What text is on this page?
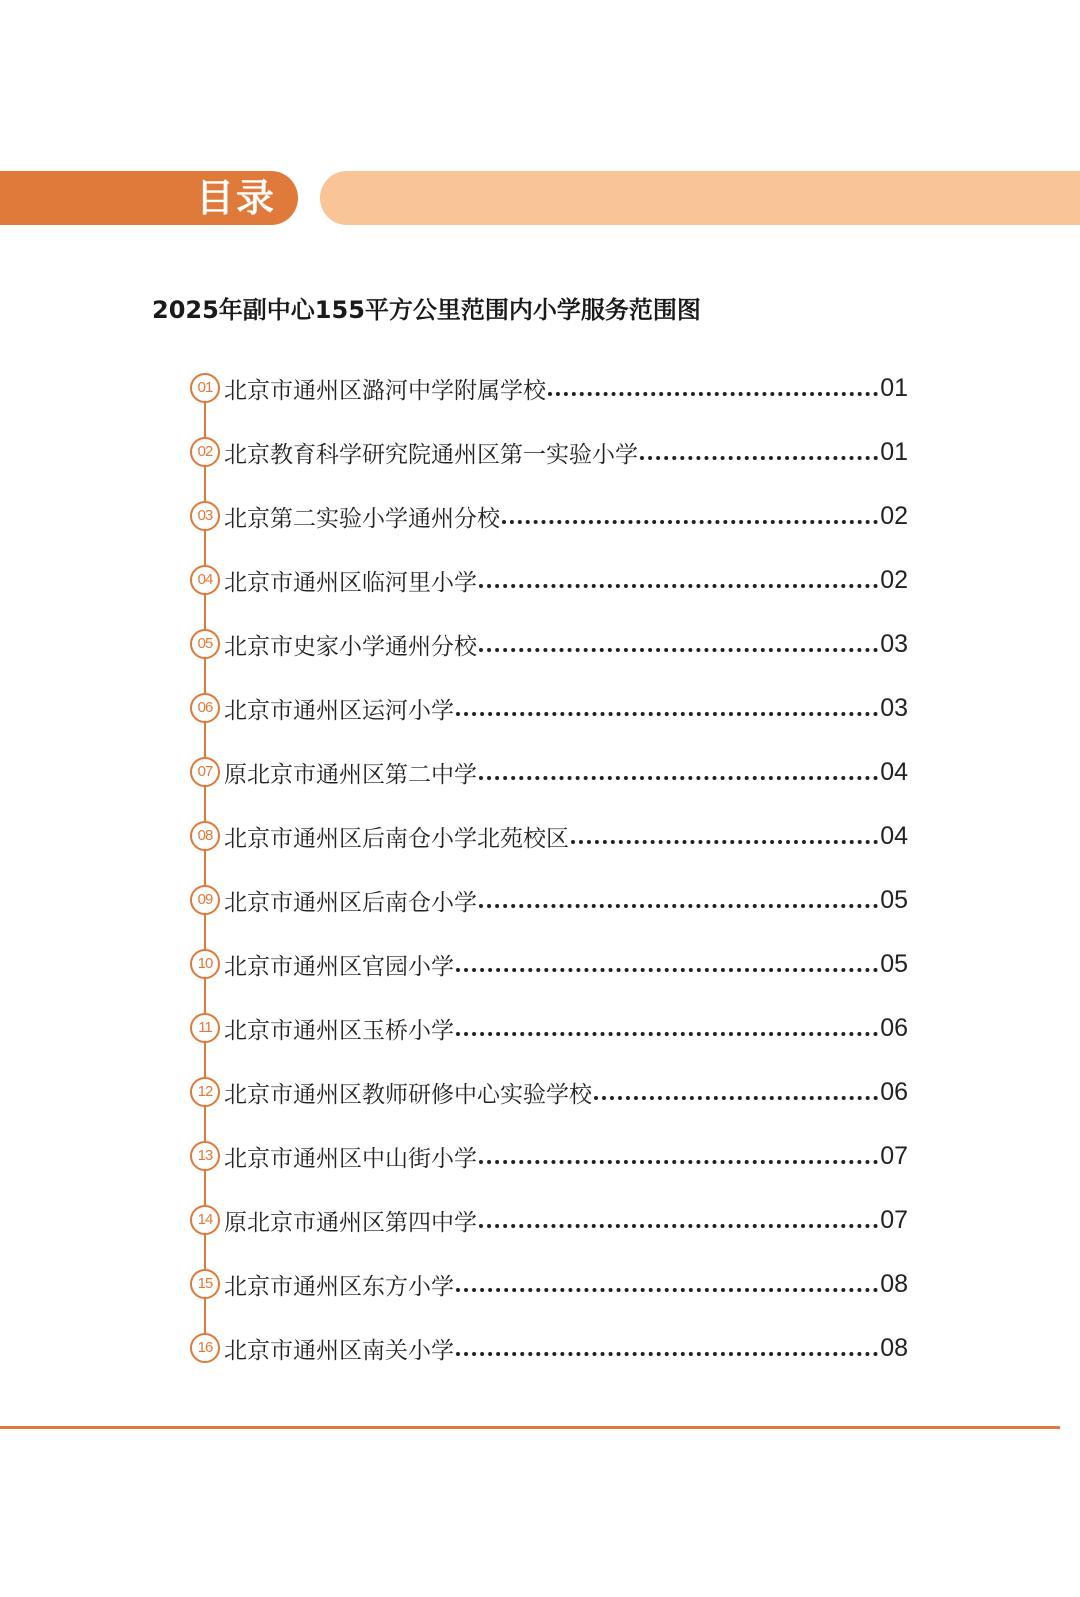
目录
2025年副中心155平方公里范围内小学服务范围图
01 北京市通州区潞河中学附属学校	01
02 北京教育科学研究院通州区第一实验小学	01
03 北京第二实验小学通州分校	02
04 北京市通州区临河里小学	02
05 北京市史家小学通州分校	03
06 北京市通州区运河小学	03
07 原北京市通州区第二中学	04
08 北京市通州区后南仓小学北苑校区	04
09 北京市通州区后南仓小学	05
10 北京市通州区官园小学	05
11 北京市通州区玉桥小学	06
12 北京市通州区教师研修中心实验学校	06
13 北京市通州区中山街小学	07
14 原北京市通州区第四中学	07
15 北京市通州区东方小学	08
16 北京市通州区南关小学	08
